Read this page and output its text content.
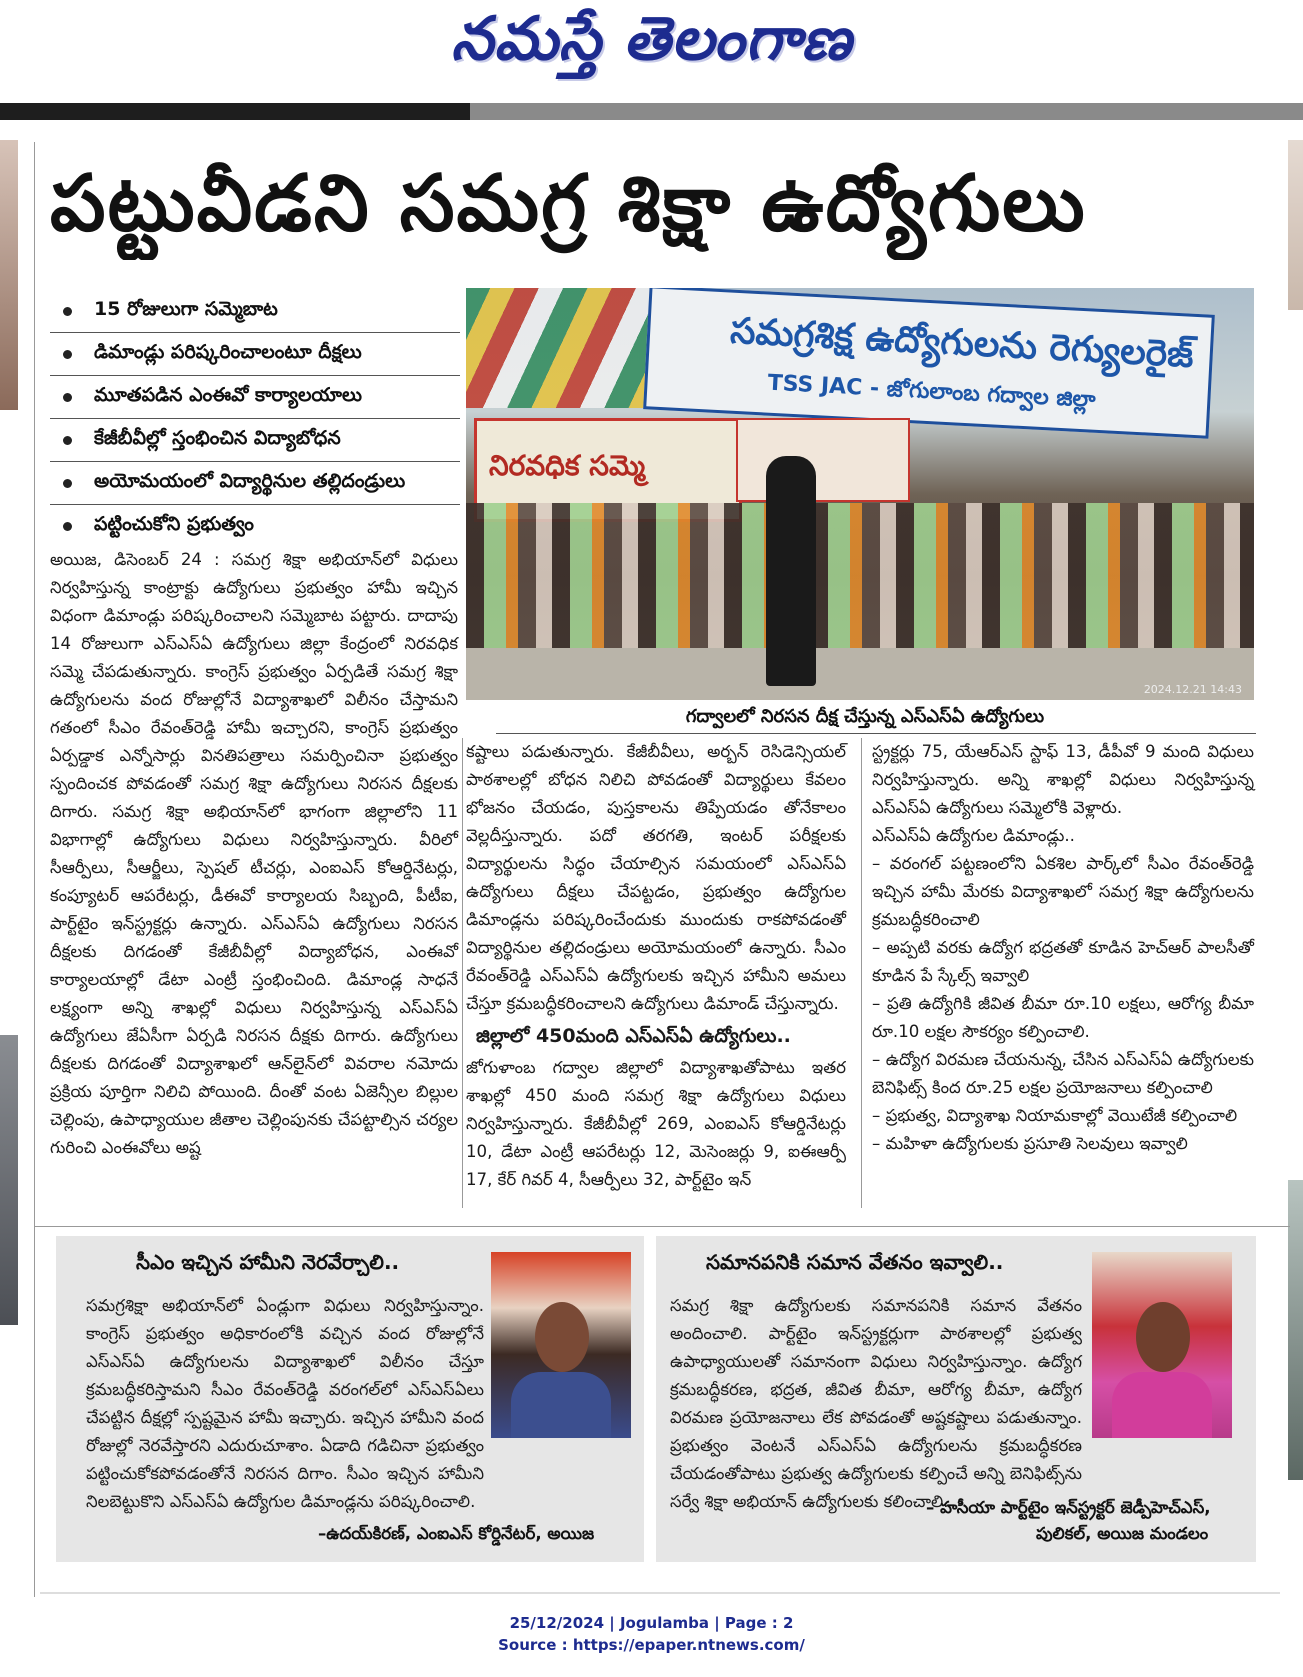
నమస్తే తెలంగాణ
పట్టువీడని సమగ్ర శిక్షా ఉద్యోగులు
15 రోజులుగా సమ్మెబాట
డిమాండ్లు పరిష్కరించాలంటూ దీక్షలు
మూతపడిన ఎంఈవో కార్యాలయాలు
కేజీబీవీల్లో స్తంభించిన విద్యాబోధన
అయోమయంలో విద్యార్థినుల తల్లిదండ్రులు
పట్టించుకోని ప్రభుత్వం
సమగ్రశిక్ష ఉద్యోగులను రెగ్యులరైజ్
TSS JAC - జోగులాంబ గద్వాల జిల్లా
నిరవధిక సమ్మె
2024.12.21 14:43
గద్వాలలో నిరసన దీక్ష చేస్తున్న ఎస్ఎస్ఏ ఉద్యోగులు

అయిజ, డిసెంబర్ 24 : సమగ్ర శిక్షా అభియాన్‌లో విధులు నిర్వహిస్తున్న కాంట్రాక్టు ఉద్యోగులు ప్రభుత్వం హామీ ఇచ్చిన విధంగా డిమాండ్లు పరిష్కరించాలని సమ్మెబాట పట్టారు. దాదాపు 14 రోజులుగా ఎస్ఎస్ఏ ఉద్యోగులు జిల్లా కేంద్రంలో నిరవధిక సమ్మె చేపడుతున్నారు. కాంగ్రెస్ ప్రభుత్వం ఏర్పడితే సమగ్ర శిక్షా ఉద్యోగులను వంద రోజుల్లోనే విద్యాశాఖలో విలీనం చేస్తామని గతంలో సీఎం రేవంత్‌రెడ్డి హామీ ఇచ్చారని, కాంగ్రెస్ ప్రభుత్వం ఏర్పడ్డాక ఎన్నోసార్లు వినతిపత్రాలు సమర్పించినా ప్రభుత్వం స్పందించక పోవడంతో సమగ్ర శిక్షా ఉద్యోగులు నిరసన దీక్షలకు దిగారు. సమగ్ర శిక్షా అభియాన్‌లో భాగంగా జిల్లాలోని 11 విభాగాల్లో ఉద్యోగులు విధులు నిర్వహిస్తున్నారు. వీరిలో సీఆర్పీలు, సీఆర్జీలు, స్పెషల్ టీచర్లు, ఎంఐఎస్ కోఆర్డినేటర్లు, కంప్యూటర్ ఆపరేటర్లు, డీఈవో కార్యాలయ సిబ్బంది, పీటీఐ, పార్ట్‌టైం ఇన్‌స్ట్రక్టర్లు ఉన్నారు. ఎస్ఎస్ఏ ఉద్యోగులు నిరసన దీక్షలకు దిగడంతో కేజీబీవీల్లో విద్యాబోధన, ఎంఈవో కార్యాలయాల్లో డేటా ఎంట్రీ స్తంభించింది. డిమాండ్ల సాధనే లక్ష్యంగా అన్ని శాఖల్లో విధులు నిర్వహిస్తున్న ఎస్ఎస్ఏ ఉద్యోగులు జేఏసీగా ఏర్పడి నిరసన దీక్షకు దిగారు. ఉద్యోగులు దీక్షలకు దిగడంతో విద్యాశాఖలో ఆన్‌లైన్‌లో వివరాల నమోదు ప్రక్రియ పూర్తిగా నిలిచి పోయింది. దీంతో వంట ఏజెన్సీల బిల్లుల చెల్లింపు, ఉపాధ్యాయుల జీతాల చెల్లింపునకు చేపట్టాల్సిన చర్యల గురించి ఎంఈవోలు అష్ట

కష్టాలు పడుతున్నారు. కేజీబీవీలు, అర్బన్ రెసిడెన్సియల్ పాఠశాలల్లో బోధన నిలిచి పోవడంతో విద్యార్థులు కేవలం భోజనం చేయడం, పుస్తకాలను తిప్పేయడం తోనేకాలం వెల్లదీస్తున్నారు. పదో తరగతి, ఇంటర్ పరీక్షలకు విద్యార్థులను సిద్ధం చేయాల్సిన సమయంలో ఎస్ఎస్ఏ ఉద్యోగులు దీక్షలు చేపట్టడం, ప్రభుత్వం ఉద్యోగుల డిమాండ్లను పరిష్కరించేందుకు ముందుకు రాకపోవడంతో విద్యార్థినుల తల్లిదండ్రులు అయోమయంలో ఉన్నారు. సీఎం రేవంత్‌రెడ్డి ఎస్ఎస్ఏ ఉద్యోగులకు ఇచ్చిన హామీని అమలు చేస్తూ క్రమబద్ధీకరించాలని ఉద్యోగులు డిమాండ్ చేస్తున్నారు.

జిల్లాలో 450మంది ఎస్ఎస్ఏ ఉద్యోగులు..

జోగుళాంబ గద్వాల జిల్లాలో విద్యాశాఖతోపాటు ఇతర శాఖల్లో 450 మంది సమగ్ర శిక్షా ఉద్యోగులు విధులు నిర్వహిస్తున్నారు. కేజీబీవీల్లో 269, ఎంఐఎస్ కోఆర్డినేటర్లు 10, డేటా ఎంట్రీ ఆపరేటర్లు 12, మెసెంజర్లు 9, ఐఈఆర్పీ 17, కేర్ గివర్ 4, సీఆర్పీలు 32, పార్ట్‌టైం ఇన్

స్ట్రక్టర్లు 75, యేఆర్ఎస్ స్టాఫ్ 13, డీపీవో 9 మంది విధులు నిర్వహిస్తున్నారు. అన్ని శాఖల్లో విధులు నిర్వహిస్తున్న ఎస్ఎస్ఏ ఉద్యోగులు సమ్మెలోకి వెళ్లారు.

ఎస్ఎస్ఏ ఉద్యోగుల డిమాండ్లు..

– వరంగల్ పట్టణంలోని ఏకశిల పార్క్‌లో సీఎం రేవంత్‌రెడ్డి ఇచ్చిన హామీ మేరకు విద్యాశాఖలో సమగ్ర శిక్షా ఉద్యోగులను క్రమబద్ధీకరించాలి

– అప్పటి వరకు ఉద్యోగ భద్రతతో కూడిన హెచ్ఆర్ పాలసీతో కూడిన పే స్కేల్స్ ఇవ్వాలి

– ప్రతి ఉద్యోగికి జీవిత బీమా రూ.10 లక్షలు, ఆరోగ్య బీమా రూ.10 లక్షల సౌకర్యం కల్పించాలి.

– ఉద్యోగ విరమణ చేయనున్న, చేసిన ఎస్ఎస్ఏ ఉద్యోగులకు బెనిఫిట్స్ కింద రూ.25 లక్షల ప్రయోజనాలు కల్పించాలి

– ప్రభుత్వ, విద్యాశాఖ నియామకాల్లో వెయిటేజీ కల్పించాలి

– మహిళా ఉద్యోగులకు ప్రసూతి సెలవులు ఇవ్వాలి

సీఎం ఇచ్చిన హామీని నెరవేర్చాలి..
సమగ్రశిక్షా అభియాన్‌లో ఏండ్లుగా విధులు నిర్వహిస్తున్నాం. కాంగ్రెస్ ప్రభుత్వం అధికారంలోకి వచ్చిన వంద రోజుల్లోనే ఎస్ఎస్ఏ ఉద్యోగులను విద్యాశాఖలో విలీనం చేస్తూ క్రమబద్ధీకరిస్తామని సీఎం రేవంత్‌రెడ్డి వరంగల్‌లో ఎస్ఎస్ఏలు చేపట్టిన దీక్షల్లో స్పష్టమైన హామీ ఇచ్చారు. ఇచ్చిన హామీని వంద రోజుల్లో నెరవేస్తారని ఎదురుచూశాం. ఏడాది గడిచినా ప్రభుత్వం పట్టించుకోకపోవడంతోనే నిరసన దిగాం. సీఎం ఇచ్చిన హామీని నిలబెట్టుకొని ఎస్ఎస్ఏ ఉద్యోగుల డిమాండ్లను పరిష్కరించాలి.
–ఉదయ్‌కిరణ్, ఎంఐఎస్ కోర్డినేటర్, అయిజ
సమానపనికి సమాన వేతనం ఇవ్వాలి..
సమగ్ర శిక్షా ఉద్యోగులకు సమానపనికి సమాన వేతనం అందించాలి. పార్ట్‌టైం ఇన్‌స్ట్రక్టర్లుగా పాఠశాలల్లో ప్రభుత్వ ఉపాధ్యాయులతో సమానంగా విధులు నిర్వహిస్తున్నాం. ఉద్యోగ క్రమబద్ధీకరణ, భద్రత, జీవిత బీమా, ఆరోగ్య బీమా, ఉద్యోగ విరమణ ప్రయోజనాలు లేక పోవడంతో అష్టకష్టాలు పడుతున్నాం. ప్రభుత్వం వెంటనే ఎస్ఎస్ఏ ఉద్యోగులను క్రమబద్ధీకరణ చేయడంతోపాటు ప్రభుత్వ ఉద్యోగులకు కల్పించే అన్ని బెనిఫిట్స్‌ను సర్వే శిక్షా అభియాన్ ఉద్యోగులకు కలించాలి.
– హసీయా పార్ట్‌టైం ఇన్‌స్ట్రక్టర్ జెడ్పీహెచ్ఎస్,
పులికల్, అయిజ మండలం
25/12/2024 | Jogulamba | Page : 2
Source : https://epaper.ntnews.com/
